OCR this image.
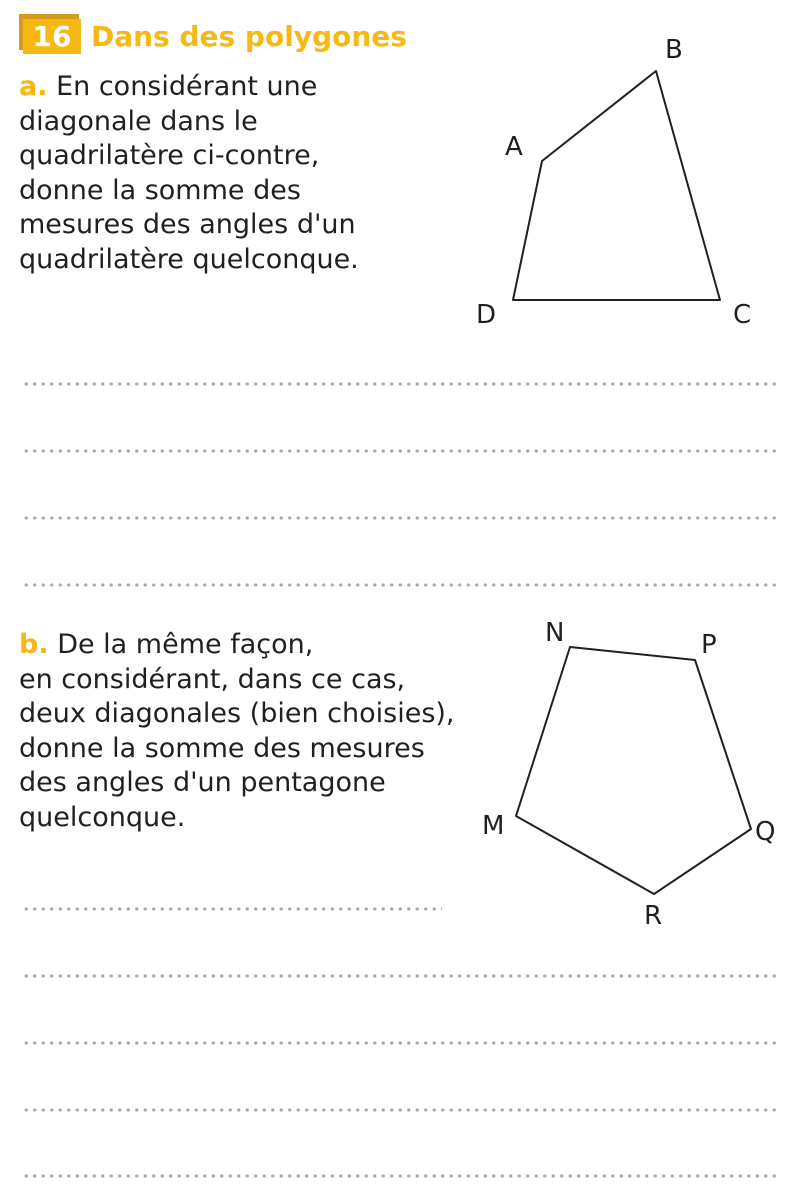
16 Dans des polygones
a. En considérant une
diagonale dans le
quadrilatère ci-contre,
donne la somme des
mesures des angles d'un
quadrilatère quelconque.
A
B
C
D
b. De la même façon,
en considérant, dans ce cas,
deux diagonales (bien choisies),
donne la somme des mesures
des angles d'un pentagone
quelconque.
N	P
M	Q
R
